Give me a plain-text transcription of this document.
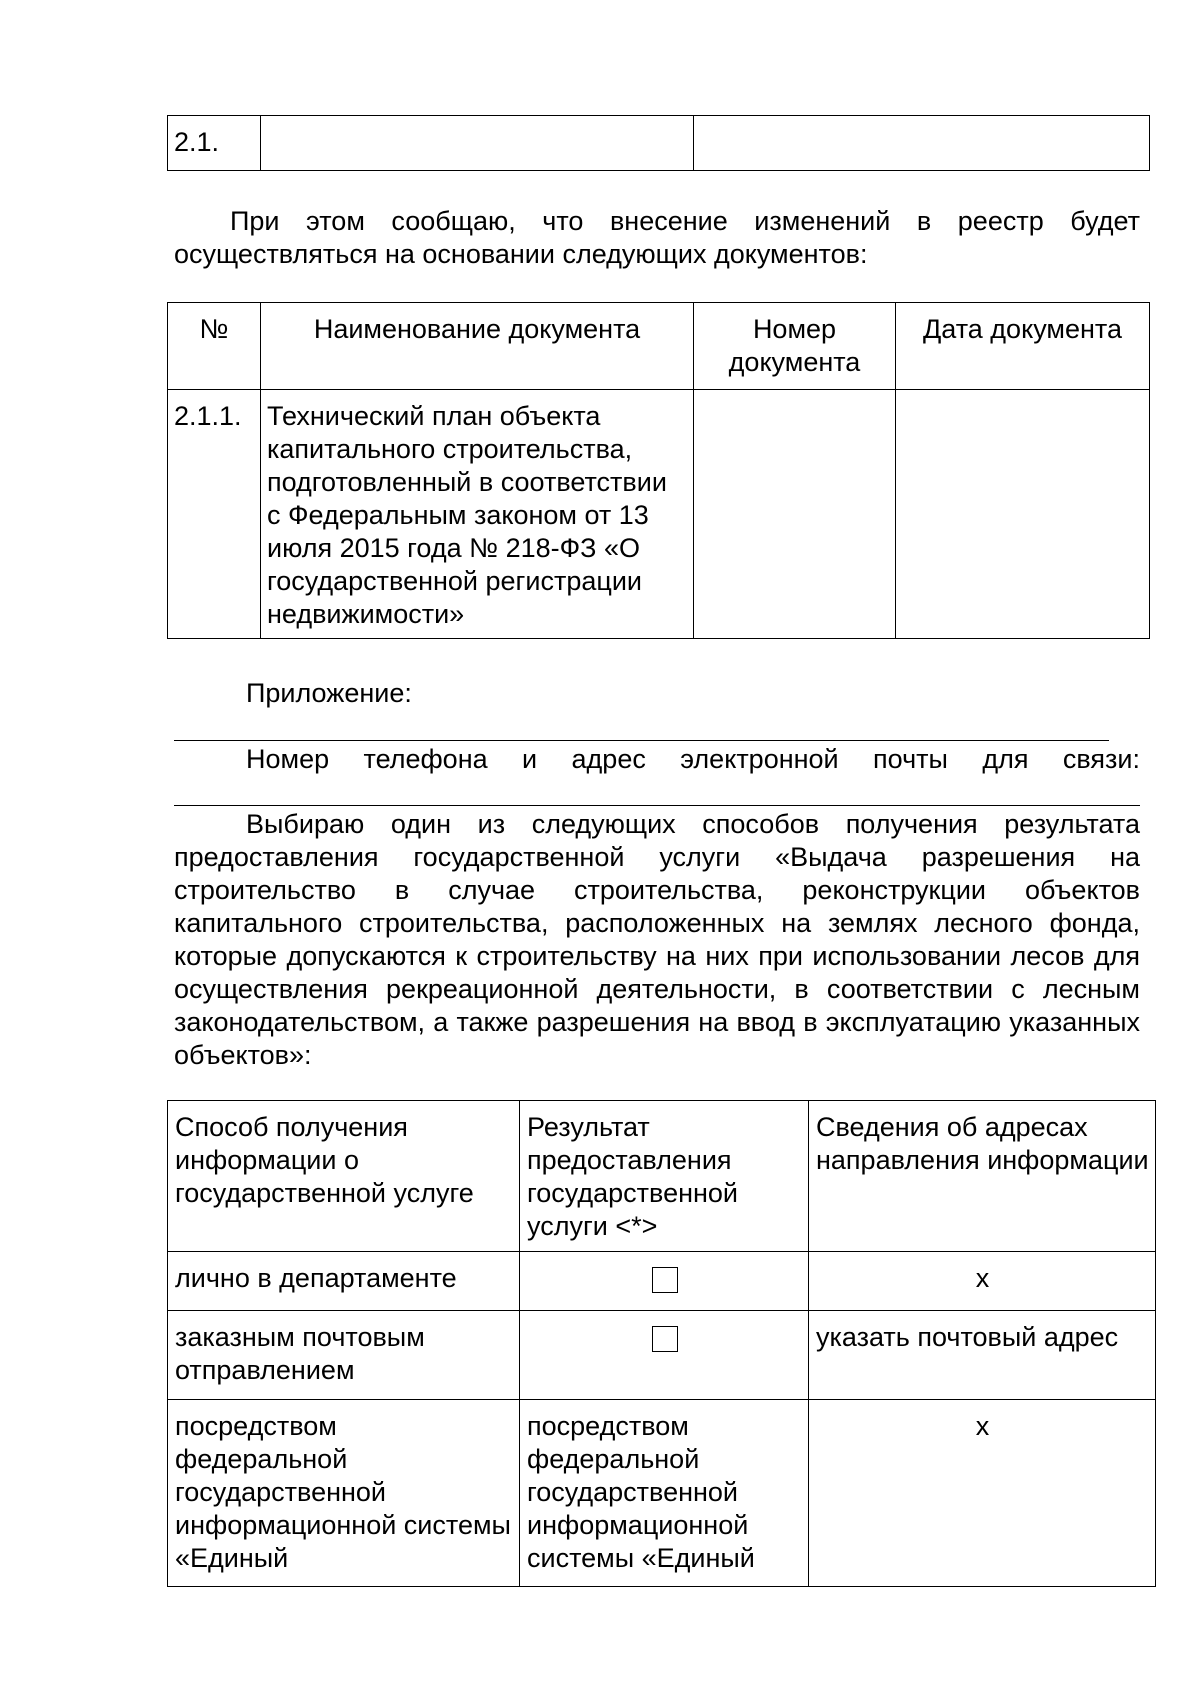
2.1.		

При этом сообщаю, что внесение изменений в реестр будет осуществляться на основании следующих документов:

№	Наименование документа	Номер документа	Дата документа
2.1.1.	Технический план объекта капитального строительства, подготовленный в соответствии с Федеральным законом от 13 июля 2015 года № 218-ФЗ «О государственной регистрации недвижимости»		

Приложение:

Номер телефона и адрес электронной почты для связи:

Выбираю один из следующих способов получения результата предоставления государственной услуги «Выдача разрешения на строительство в случае строительства, реконструкции объектов капитального строительства, расположенных на землях лесного фонда, которые допускаются к строительству на них при использовании лесов для осуществления рекреационной деятельности, в соответствии с лесным законодательством, а также разрешения на ввод в эксплуатацию указанных объектов»:

Способ получения информации о государственной услуге	Результат предоставления государственной услуги <*>	Сведения об адресах направления информации
лично в департаменте		x
заказным почтовым отправлением		указать почтовый адрес
посредством федеральной государственной информационной системы «Единый	посредством федеральной государственной информационной системы «Единый	x
